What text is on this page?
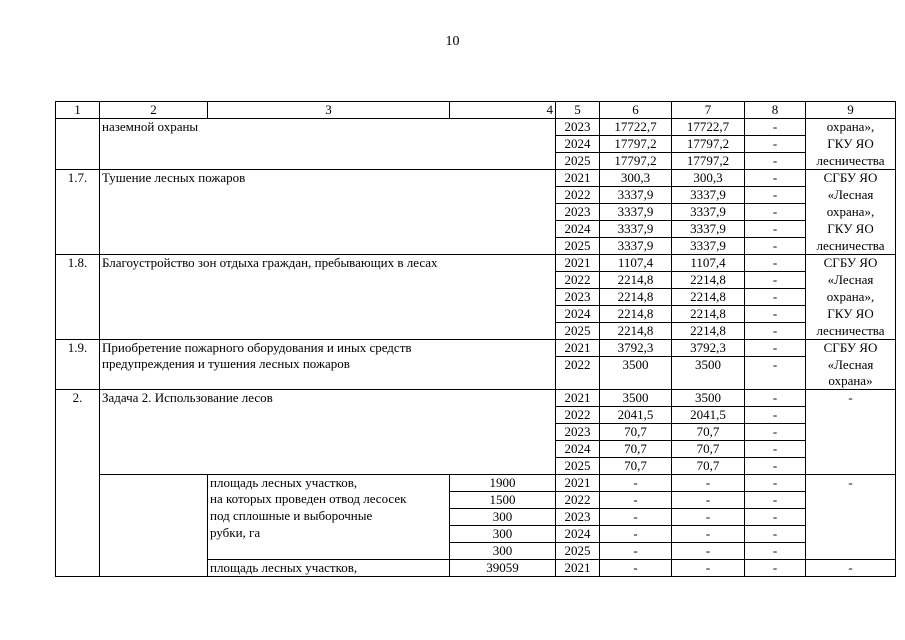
10
1	2	3	4	5	6	7	8	9
	наземной охраны			2023	17722,7	17722,7	-	охрана»,
				2024	17797,2	17797,2	-	ГКУ ЯО
				2025	17797,2	17797,2	-	лесничества
1.7.	Тушение лесных пожаров			2021	300,3	300,3	-	СГБУ ЯО
				2022	3337,9	3337,9	-	«Лесная
				2023	3337,9	3337,9	-	охрана»,
				2024	3337,9	3337,9	-	ГКУ ЯО
				2025	3337,9	3337,9	-	лесничества
1.8.	Благоустройство зон отдыха граждан, пребывающих в лесах			2021	1107,4	1107,4	-	СГБУ ЯО
				2022	2214,8	2214,8	-	«Лесная
				2023	2214,8	2214,8	-	охрана»,
				2024	2214,8	2214,8	-	ГКУ ЯО
				2025	2214,8	2214,8	-	лесничества
1.9.	Приобретение пожарного оборудования и иных средств
предупреждения и тушения лесных пожаров			2021	3792,3	3792,3	-	СГБУ ЯО
				2022	3500	3500	-	«Лесная
								охрана»
2.	Задача 2. Использование лесов			2021	3500	3500	-	-
				2022	2041,5	2041,5	-	
				2023	70,7	70,7	-	
				2024	70,7	70,7	-	
				2025	70,7	70,7	-	
		площадь лесных участков,	1900	2021	-	-	-	-
		на которых проведен отвод лесосек	1500	2022	-	-	-	
		под сплошные и выборочные	300	2023	-	-	-	
		рубки, га	300	2024	-	-	-	
			300	2025	-	-	-	
		площадь лесных участков,	39059	2021	-	-	-	-
